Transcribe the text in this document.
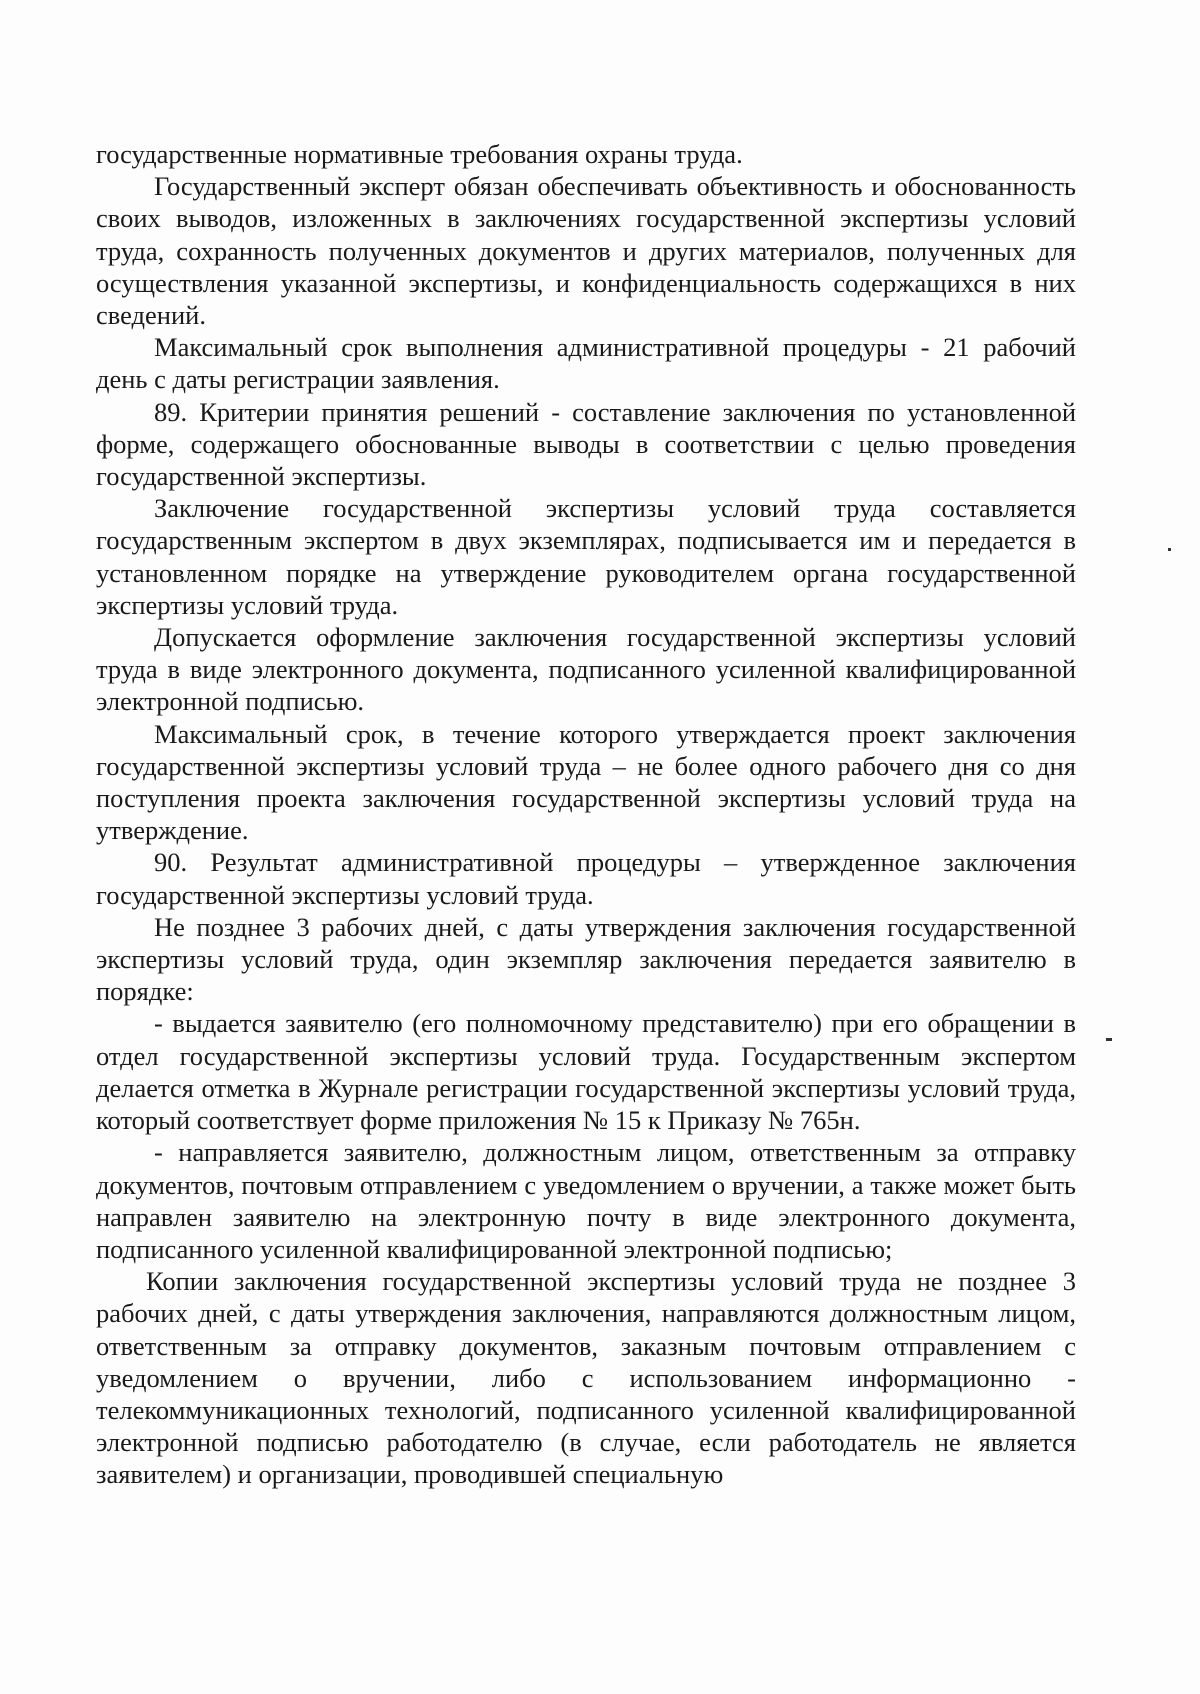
государственные нормативные требования охраны труда.

Государственный эксперт обязан обеспечивать объективность и обоснованность своих выводов, изложенных в заключениях государственной экспертизы условий труда, сохранность полученных документов и других материалов, полученных для осуществления указанной экспертизы, и конфиденциальность содержащихся в них сведений.

Максимальный срок выполнения административной процедуры - 21 рабочий день с даты регистрации заявления.

89. Критерии принятия решений - составление заключения по установленной форме, содержащего обоснованные выводы в соответствии с целью проведения государственной экспертизы.

Заключение государственной экспертизы условий труда составляется государственным экспертом в двух экземплярах, подписывается им и передается в установленном порядке на утверждение руководителем органа государственной экспертизы условий труда.

Допускается оформление заключения государственной экспертизы условий труда в виде электронного документа, подписанного усиленной квалифицированной электронной подписью.

Максимальный срок, в течение которого утверждается проект заключения государственной экспертизы условий труда – не более одного рабочего дня со дня поступления проекта заключения государственной экспертизы условий труда на утверждение.

90. Результат административной процедуры – утвержденное заключения государственной экспертизы условий труда.

Не позднее 3 рабочих дней, с даты утверждения заключения государственной экспертизы условий труда, один экземпляр заключения передается заявителю в порядке:

- выдается заявителю (его полномочному представителю) при его обращении в отдел государственной экспертизы условий труда. Государственным экспертом делается отметка в Журнале регистрации государственной экспертизы условий труда, который соответствует форме приложения № 15 к Приказу № 765н.

- направляется заявителю, должностным лицом, ответственным за отправку документов, почтовым отправлением с уведомлением о вручении, а также может быть направлен заявителю на электронную почту в виде электронного документа, подписанного усиленной квалифицированной электронной подписью;

Копии заключения государственной экспертизы условий труда не позднее 3 рабочих дней, с даты утверждения заключения, направляются должностным лицом, ответственным за отправку документов, заказным почтовым отправлением с уведомлением о вручении, либо с использованием информационно - телекоммуникационных технологий, подписанного усиленной квалифицированной электронной подписью работодателю (в случае, если работодатель не является заявителем) и организации, проводившей специальную
